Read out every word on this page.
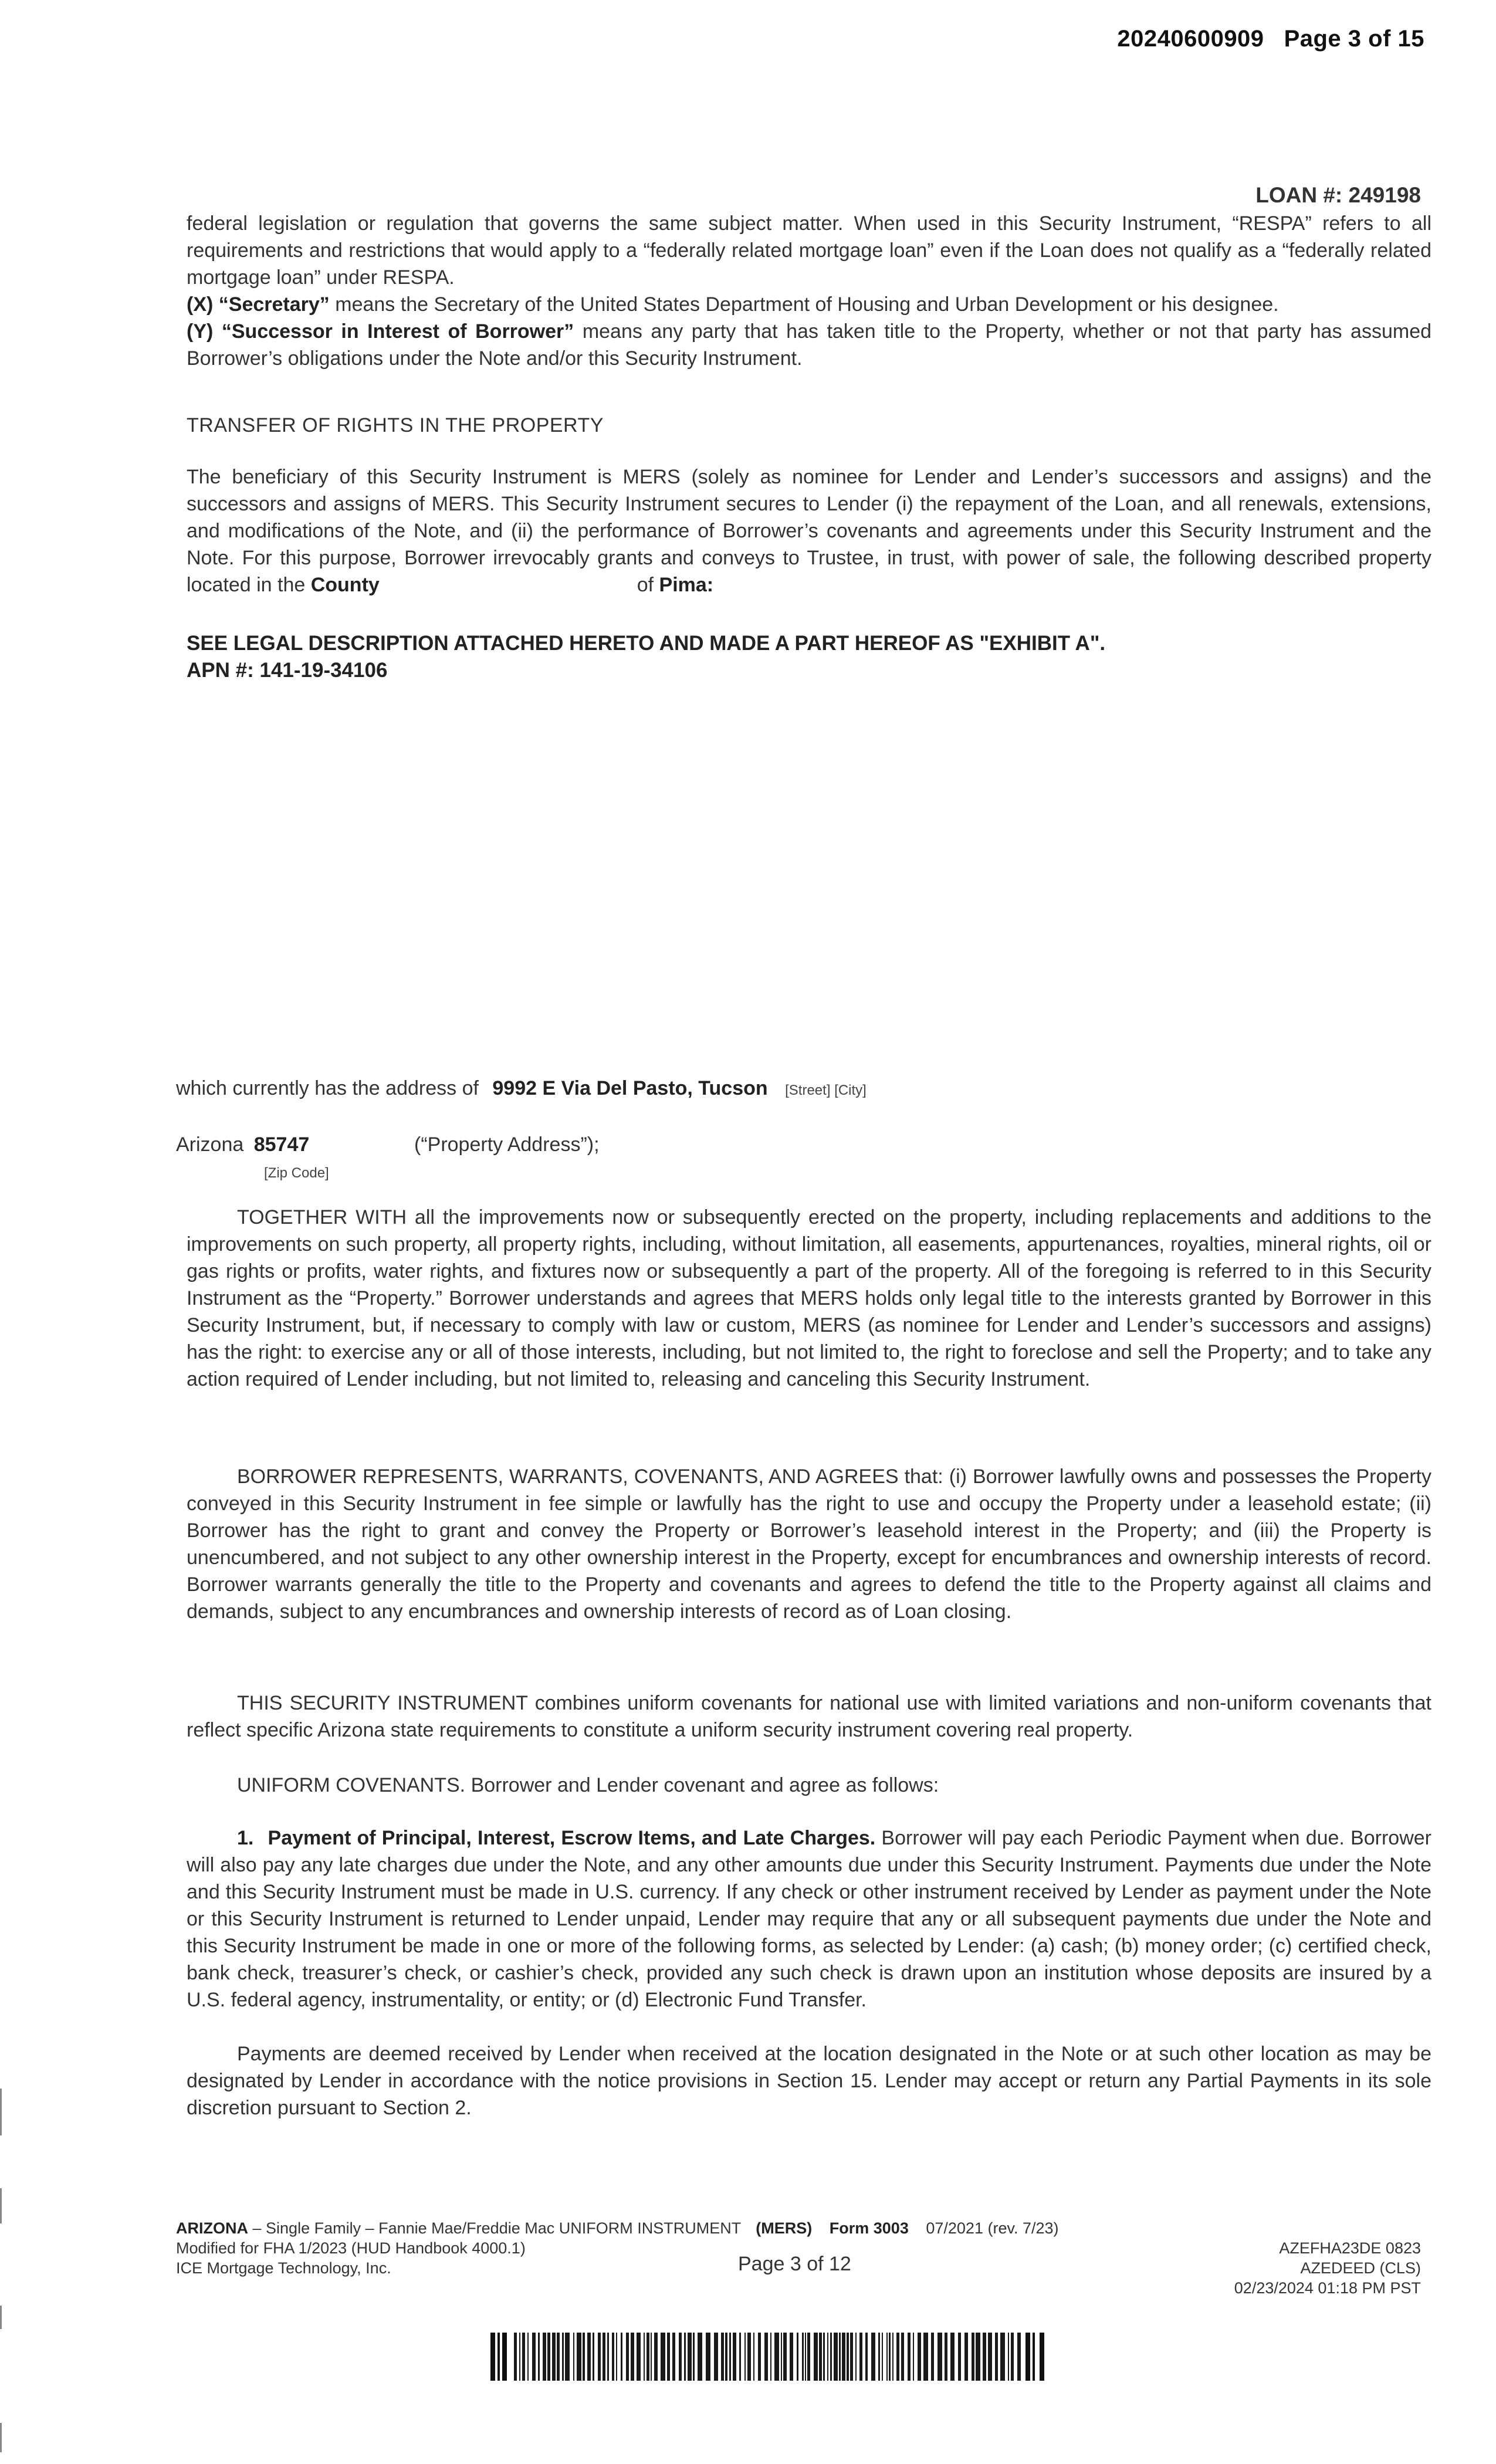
20240600909 Page 3 of 15
LOAN #: 249198

federal legislation or regulation that governs the same subject matter. When used in this Security Instrument, “RESPA” refers to all requirements and restrictions that would apply to a “federally related mortgage loan” even if the Loan does not qualify as a “federally related mortgage loan” under RESPA.

(X) “Secretary” means the Secretary of the United States Department of Housing and Urban Development or his designee.

(Y) “Successor in Interest of Borrower” means any party that has taken title to the Property, whether or not that party has assumed Borrower’s obligations under the Note and/or this Security Instrument.

TRANSFER OF RIGHTS IN THE PROPERTY
The beneficiary of this Security Instrument is MERS (solely as nominee for Lender and Lender’s successors and assigns) and the successors and assigns of MERS. This Security Instrument secures to Lender (i) the repayment of the Loan, and all renewals, extensions, and modifications of the Note, and (ii) the performance of Borrower’s covenants and agreements under this Security Instrument and the Note. For this purpose, Borrower irrevocably grants and conveys to Trustee, in trust, with power of sale, the following described property located in the County	of Pima:
SEE LEGAL DESCRIPTION ATTACHED HERETO AND MADE A PART HEREOF AS "EXHIBIT A".
APN #: 141-19-34106
which currently has the address of 9992 E Via Del Pasto, Tucson [Street] [City]
Arizona 85747	(“Property Address”);
[Zip Code]
TOGETHER WITH all the improvements now or subsequently erected on the property, including replacements and additions to the improvements on such property, all property rights, including, without limitation, all easements, appurtenances, royalties, mineral rights, oil or gas rights or profits, water rights, and fixtures now or subsequently a part of the property. All of the foregoing is referred to in this Security Instrument as the “Property.” Borrower understands and agrees that MERS holds only legal title to the interests granted by Borrower in this Security Instrument, but, if necessary to comply with law or custom, MERS (as nominee for Lender and Lender’s successors and assigns) has the right: to exercise any or all of those interests, including, but not limited to, the right to foreclose and sell the Property; and to take any action required of Lender including, but not limited to, releasing and canceling this Security Instrument.
BORROWER REPRESENTS, WARRANTS, COVENANTS, AND AGREES that: (i) Borrower lawfully owns and possesses the Property conveyed in this Security Instrument in fee simple or lawfully has the right to use and occupy the Property under a leasehold estate; (ii) Borrower has the right to grant and convey the Property or Borrower’s leasehold interest in the Property; and (iii) the Property is unencumbered, and not subject to any other ownership interest in the Property, except for encumbrances and ownership interests of record. Borrower warrants generally the title to the Property and covenants and agrees to defend the title to the Property against all claims and demands, subject to any encumbrances and ownership interests of record as of Loan closing.
THIS SECURITY INSTRUMENT combines uniform covenants for national use with limited variations and non-uniform covenants that reflect specific Arizona state requirements to constitute a uniform security instrument covering real property.
UNIFORM COVENANTS. Borrower and Lender covenant and agree as follows:
1. Payment of Principal, Interest, Escrow Items, and Late Charges. Borrower will pay each Periodic Payment when due. Borrower will also pay any late charges due under the Note, and any other amounts due under this Security Instrument. Payments due under the Note and this Security Instrument must be made in U.S. currency. If any check or other instrument received by Lender as payment under the Note or this Security Instrument is returned to Lender unpaid, Lender may require that any or all subsequent payments due under the Note and this Security Instrument be made in one or more of the following forms, as selected by Lender: (a) cash; (b) money order; (c) certified check, bank check, treasurer’s check, or cashier’s check, provided any such check is drawn upon an institution whose deposits are insured by a U.S. federal agency, instrumentality, or entity; or (d) Electronic Fund Transfer.
Payments are deemed received by Lender when received at the location designated in the Note or at such other location as may be designated by Lender in accordance with the notice provisions in Section 15. Lender may accept or return any Partial Payments in its sole discretion pursuant to Section 2.
ARIZONA – Single Family – Fannie Mae/Freddie Mac UNIFORM INSTRUMENT (MERS) Form 3003 07/2021 (rev. 7/23)
Modified for FHA 1/2023 (HUD Handbook 4000.1)
ICE Mortgage Technology, Inc.	Page 3 of 12
AZEFHA23DE 0823
AZEDEED (CLS)
02/23/2024 01:18 PM PST
